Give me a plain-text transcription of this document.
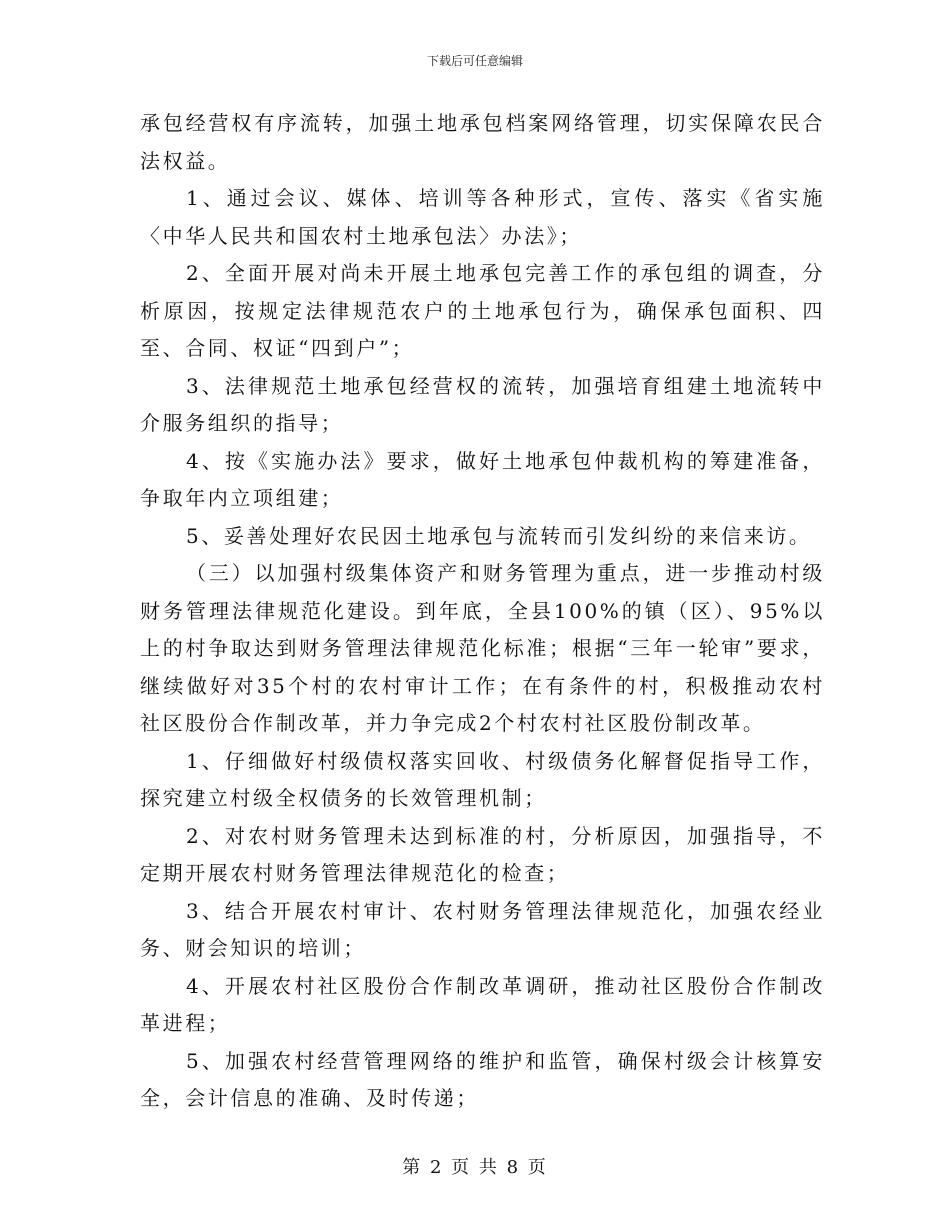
下载后可任意编辑

承包经营权有序流转，加强土地承包档案网络管理，切实保障农民合法权益。

1、通过会议、媒体、培训等各种形式，宣传、落实《省实施〈中华人民共和国农村土地承包法〉办法》；

2、全面开展对尚未开展土地承包完善工作的承包组的调查，分析原因，按规定法律规范农户的土地承包行为，确保承包面积、四至、合同、权证“四到户”；

3、法律规范土地承包经营权的流转，加强培育组建土地流转中介服务组织的指导；

4、按《实施办法》要求，做好土地承包仲裁机构的筹建准备，争取年内立项组建；

5、妥善处理好农民因土地承包与流转而引发纠纷的来信来访。

（三）以加强村级集体资产和财务管理为重点，进一步推动村级财务管理法律规范化建设。到年底，全县100%的镇（区）、95%以上的村争取达到财务管理法律规范化标准；根据“三年一轮审”要求，继续做好对35个村的农村审计工作；在有条件的村，积极推动农村社区股份合作制改革，并力争完成2个村农村社区股份制改革。

1、仔细做好村级债权落实回收、村级债务化解督促指导工作，探究建立村级全权债务的长效管理机制；

2、对农村财务管理未达到标准的村，分析原因，加强指导，不定期开展农村财务管理法律规范化的检查；

3、结合开展农村审计、农村财务管理法律规范化，加强农经业务、财会知识的培训；

4、开展农村社区股份合作制改革调研，推动社区股份合作制改革进程；

5、加强农村经营管理网络的维护和监管，确保村级会计核算安全，会计信息的准确、及时传递；

第 2 页 共 8 页
